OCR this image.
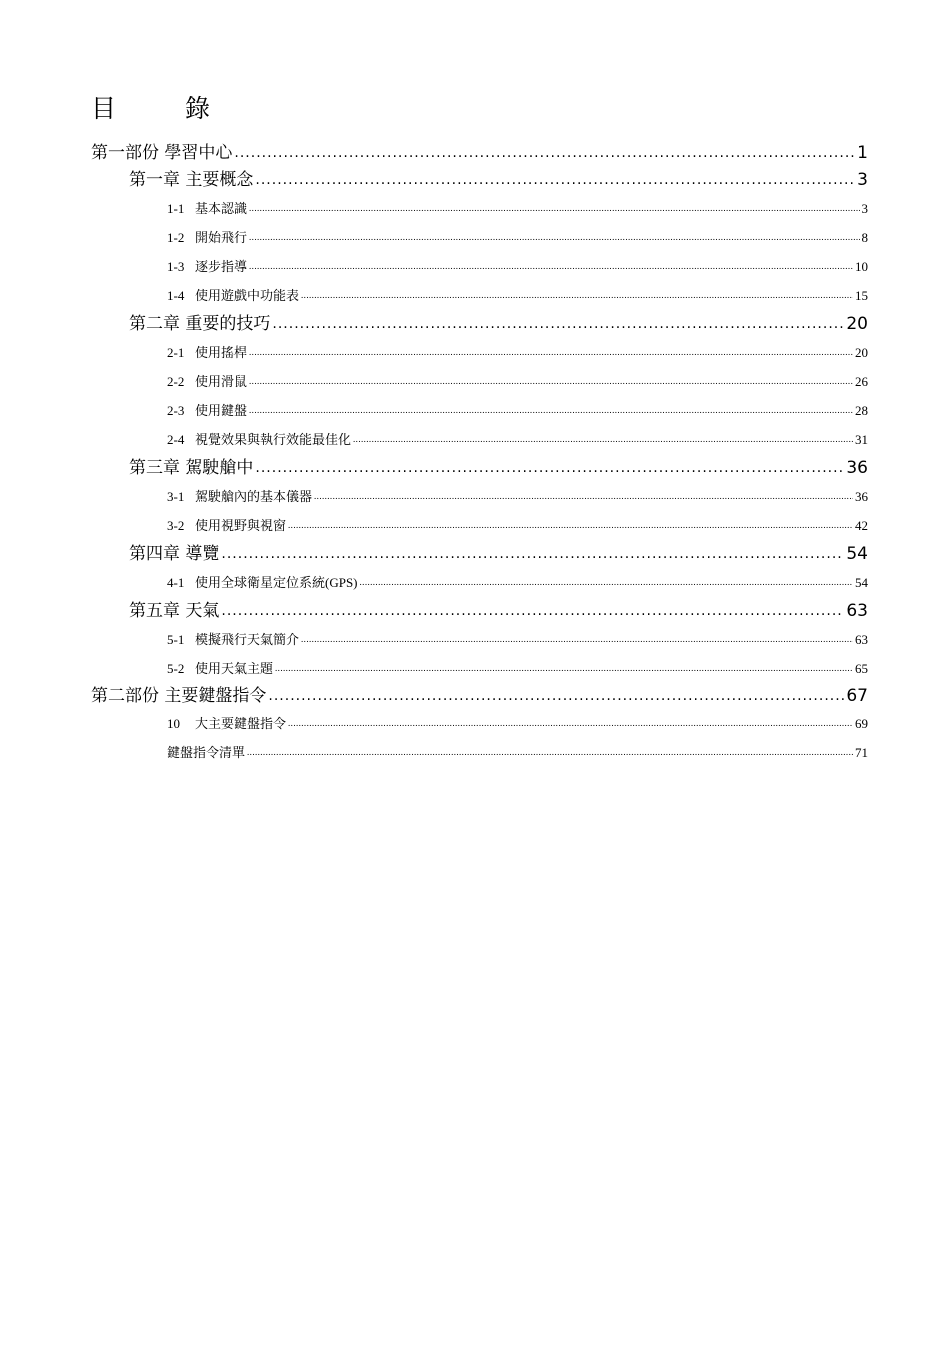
目　錄
第一部份 學習中心 .....	1
第一章 主要概念 .....	3
1-1 基本認識 .....	3
1-2 開始飛行 .....	8
1-3 逐步指導 .....	10
1-4 使用遊戲中功能表 .....	15
第二章 重要的技巧 .....	20
2-1 使用搖桿 .....	20
2-2 使用滑鼠 .....	26
2-3 使用鍵盤 .....	28
2-4 視覺效果與執行效能最佳化 .....	31
第三章 駕駛艙中 .....	36
3-1 駕駛艙內的基本儀器 .....	36
3-2 使用視野與視窗 .....	42
第四章 導覽 .....	54
4-1 使用全球衛星定位系統(GPS) .....	54
第五章 天氣 .....	63
5-1 模擬飛行天氣簡介 .....	63
5-2 使用天氣主題 .....	65
第二部份 主要鍵盤指令 .....	67
10 大主要鍵盤指令 .....	69
鍵盤指令清單 .....	71
